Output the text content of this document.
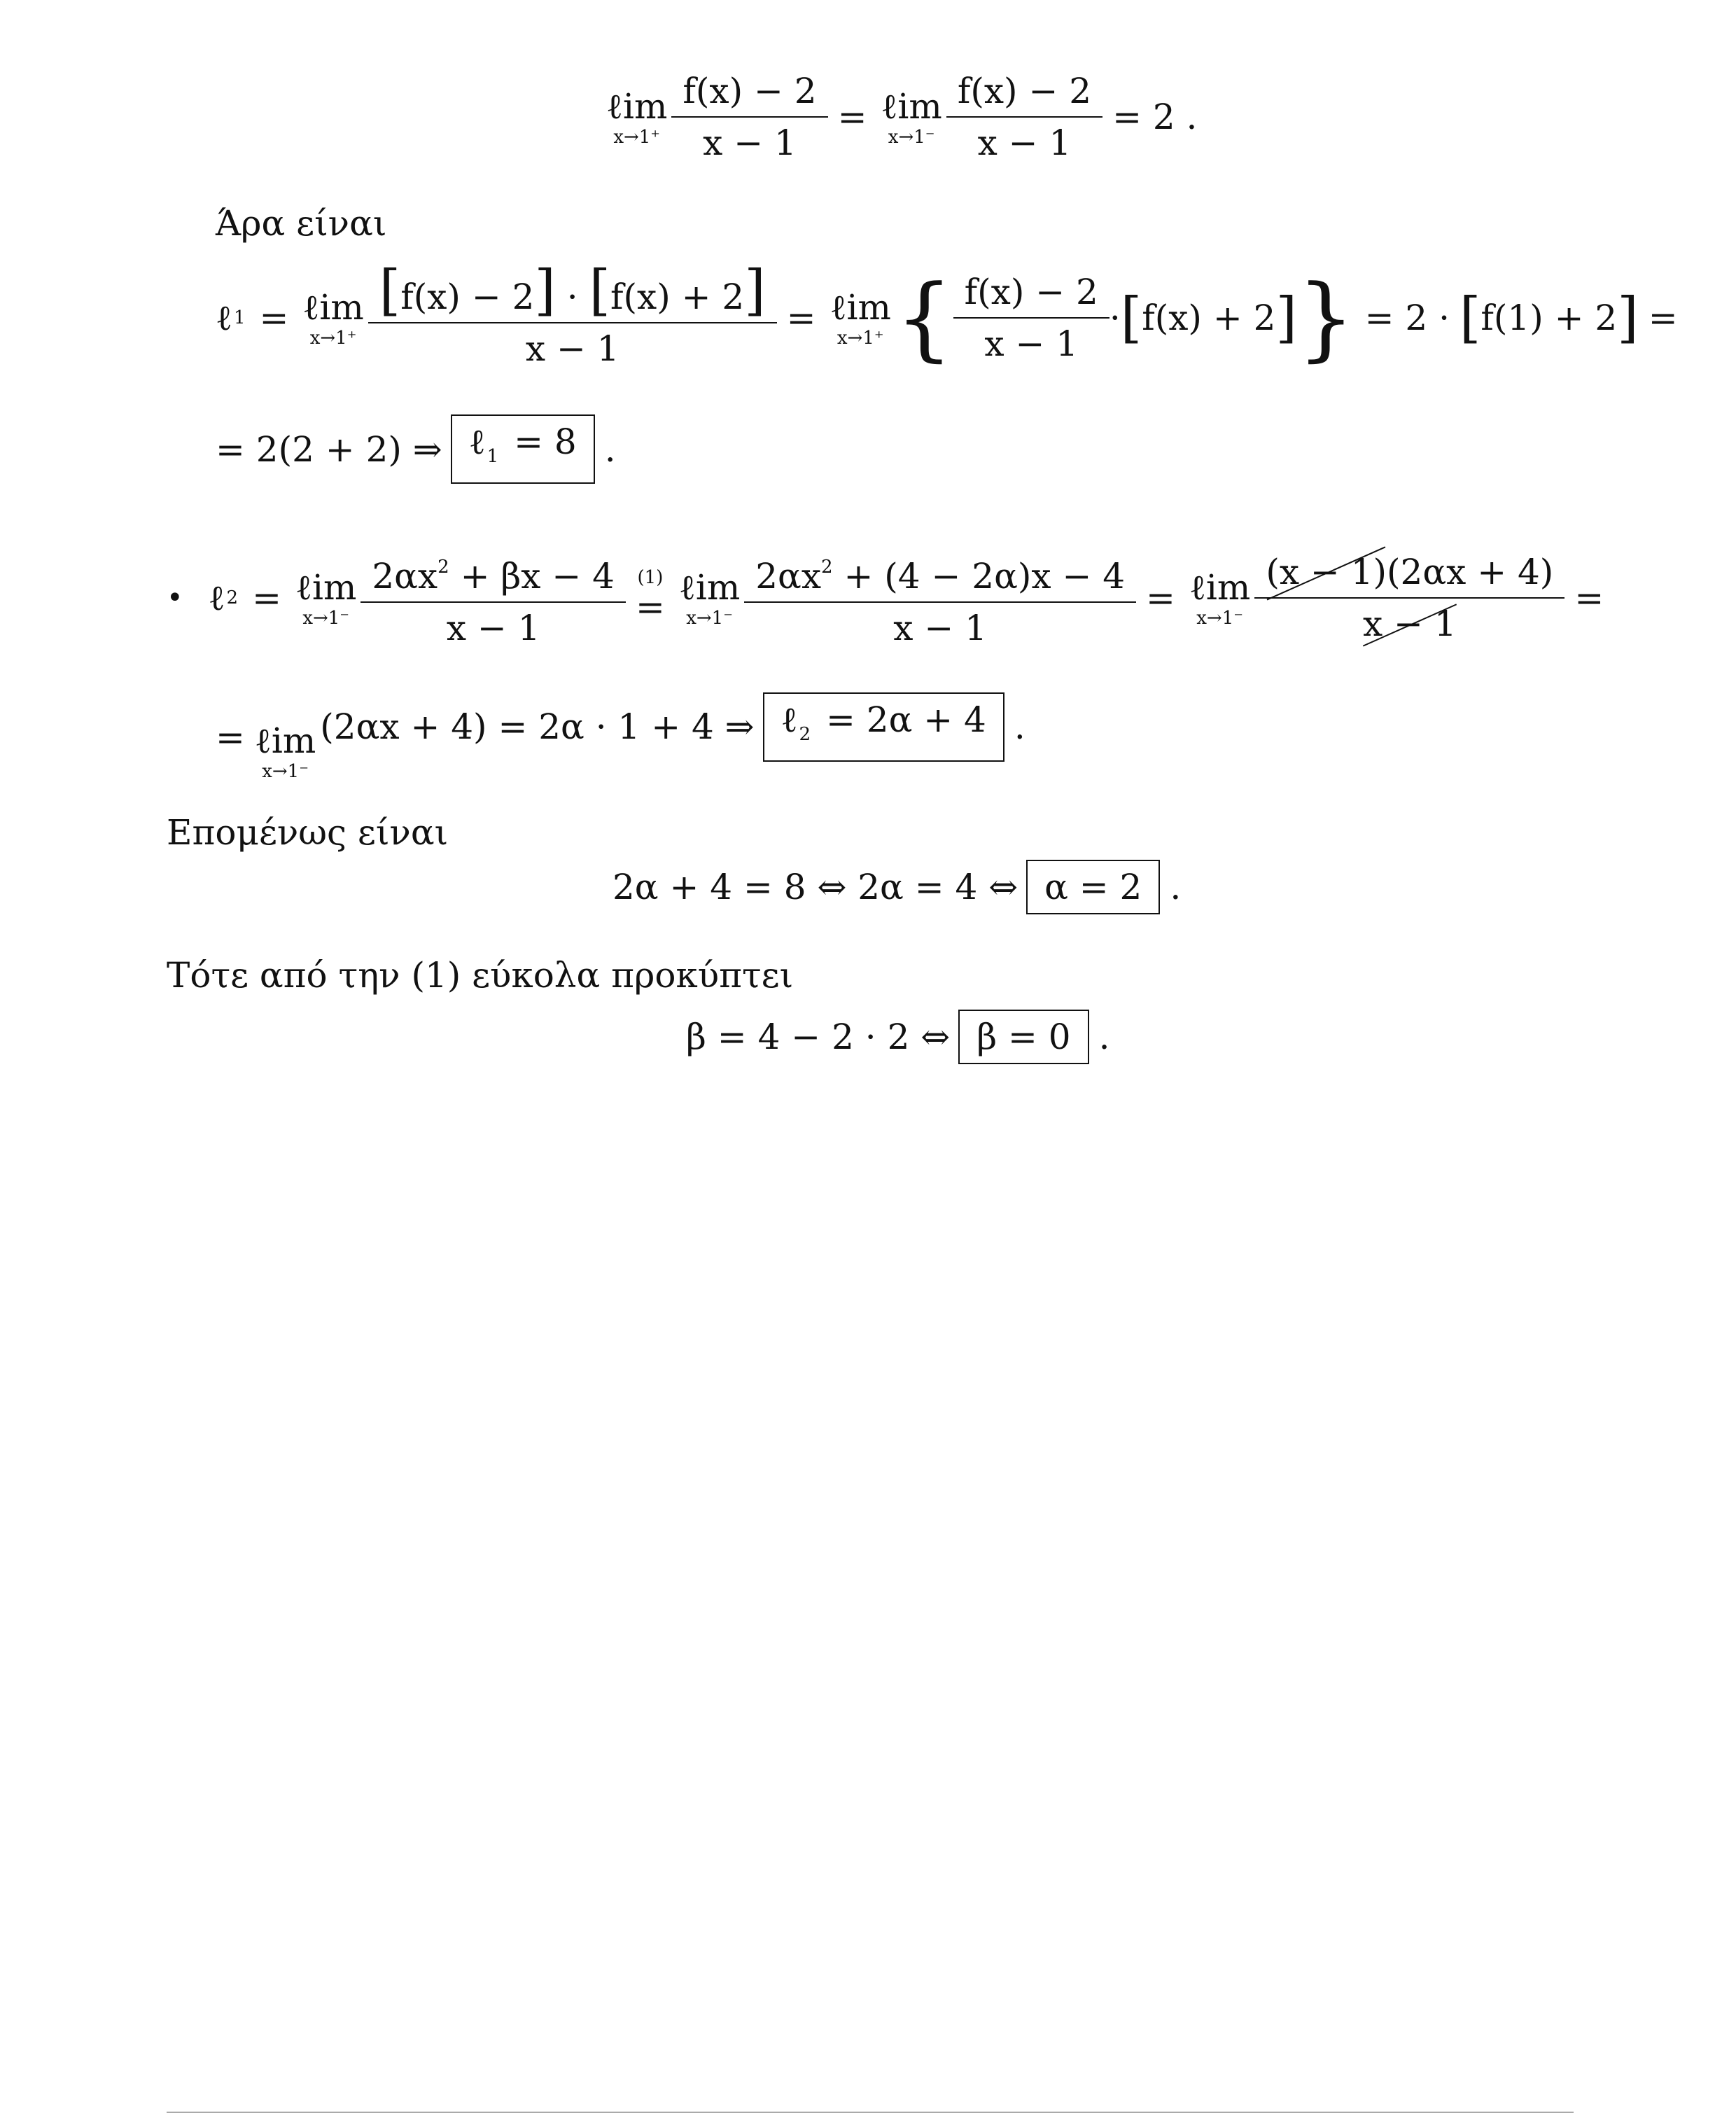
ℓim
$x\to 1^+ \frac{f(x) - 2}{x - 1}$ = ℓim
$x\to 1^- \frac{f(x) - 2}{x - 1} = 2$ .
Άρα είναι
ℓ 1 = ℓim
$x\to 1^+ \frac{[f(x) - 2] \cdot [f(x) + 2]}{x - 1}$ = ℓim
x→1⁺ { $\frac{f(x) - 2}{x - 1}$ · [ f(x) + 2 ] } = 2 · [ f(1) + 2 ] =
= 2(2 + 2) ⇒ ℓ$_1$ = 8 .
• ℓ 2 = ℓim
$x\to 1^- \frac{2\alpha x^2 + \beta x - 4}{x - 1} (1)$
= ℓim
$x\to 1^- \frac{2\alpha x^2 + (4 - 2\alpha)x - 4}{x - 1}$ = ℓim
$x\to 1^- \frac{(x - 1)(2\alpha x + 4)}{x - 1}$ =
= ℓim
x→1⁻
(2αx + 4) = 2α · 1 + 4 ⇒ ℓ$_2$ = 2α + 4 .
Επομένως είναι
2α + 4 = 8 ⇔ 2α = 4 ⇔ α = 2 .
Τότε από την (1) εύκολα προκύπτει
β = 4 − 2 · 2 ⇔ β = 0 .
